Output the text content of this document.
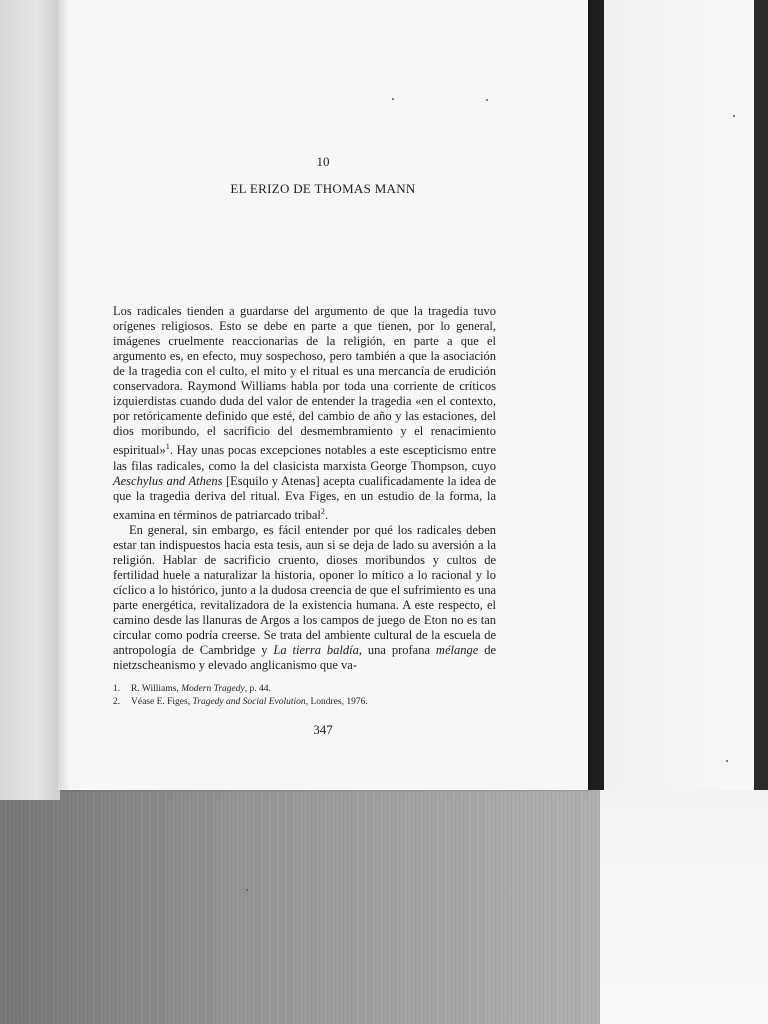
10
EL ERIZO DE THOMAS MANN

Los radicales tienden a guardarse del argumento de que la tragedia tuvo orígenes religiosos. Esto se debe en parte a que tienen, por lo general, imágenes cruelmente reaccionarias de la religión, en parte a que el argumento es, en efecto, muy sospechoso, pero también a que la asociación de la tragedia con el culto, el mito y el ritual es una mercancía de erudición conservadora. Raymond Williams habla por toda una corriente de críticos izquierdistas cuando duda del valor de entender la tragedia «en el contexto, por retóricamente definido que esté, del cambio de año y las estaciones, del dios moribundo, el sacrificio del desmembramiento y el renacimiento espiritual»$^1$. Hay unas pocas excepciones notables a este escepticismo entre las filas radicales, como la del clasicista marxista George Thompson, cuyo Aeschylus and Athens [Esquilo y Atenas] acepta cualificadamente la idea de que la tragedia deriva del ritual. Eva Figes, en un estudio de la forma, la examina en términos de patriarcado tribal$^2$.

En general, sin embargo, es fácil entender por qué los radicales deben estar tan indispuestos hacia esta tesis, aun si se deja de lado su aversión a la religión. Hablar de sacrificio cruento, dioses moribundos y cultos de fertilidad huele a naturalizar la historia, oponer lo mítico a lo racional y lo cíclico a lo histórico, junto a la dudosa creencia de que el sufrimiento es una parte energética, revitalizadora de la existencia humana. A este respecto, el camino desde las llanuras de Argos a los campos de juego de Eton no es tan circular como podría creerse. Se trata del ambiente cultural de la escuela de antropología de Cambridge y La tierra baldía, una profana mélange de nietzscheanismo y elevado anglicanismo que va-

1.	R. Williams, Modern Tragedy, p. 44.
2.	Véase E. Figes, Tragedy and Social Evolution, Londres, 1976.
347
